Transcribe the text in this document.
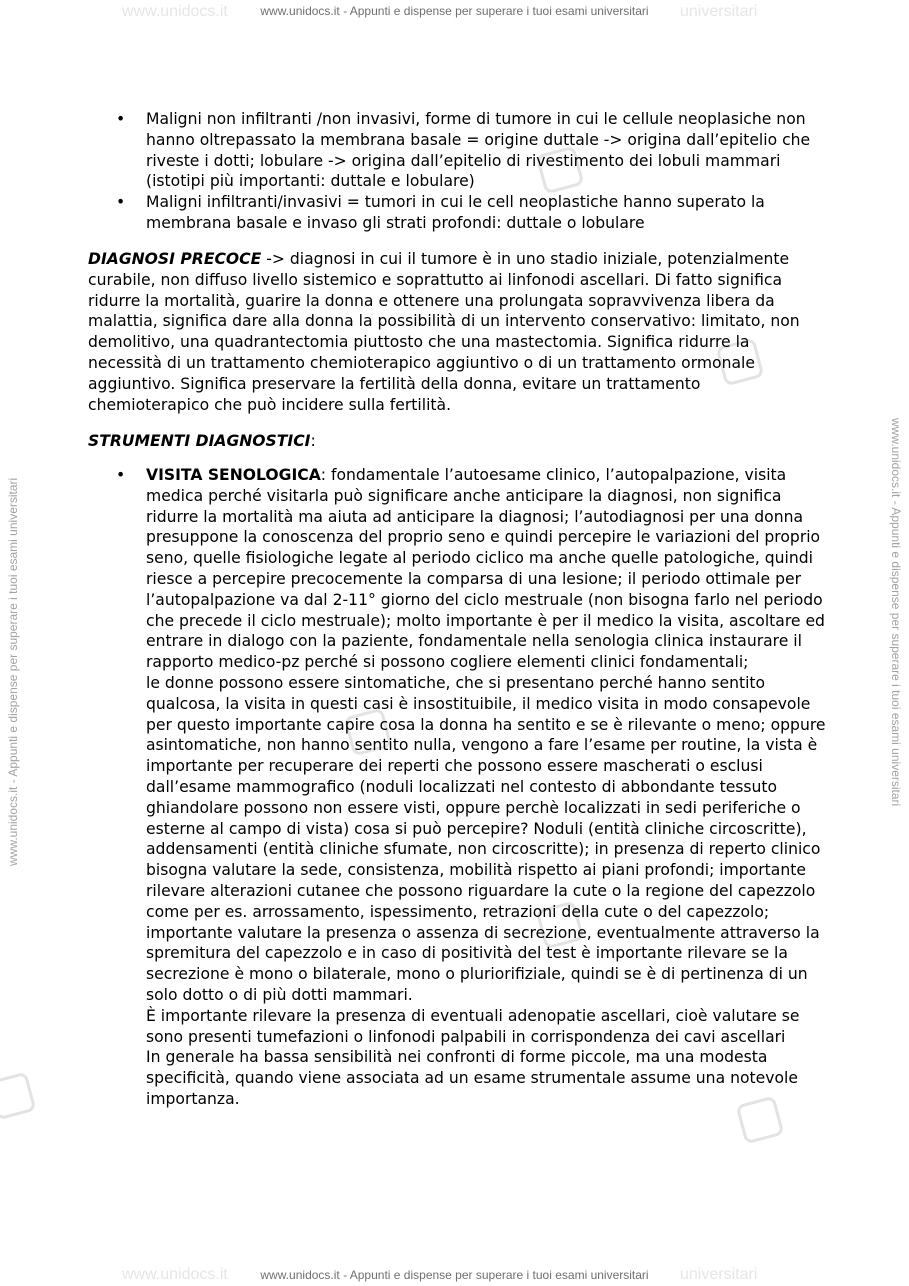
www.unidocs.it	universitari
www.unidocs.it - Appunti e dispense per superare i tuoi esami universitari
www.unidocs.it	universitari
www.unidocs.it - Appunti e dispense per superare i tuoi esami universitari
www.unidocs.it - Appunti e dispense per superare i tuoi esami universitari	www.unidocs.it - Appunti e dispense per superare i tuoi esami universitari
• Maligni non infiltranti /non invasivi, forme di tumore in cui le cellule neoplasiche non hanno oltrepassato la membrana basale = origine duttale -> origina dall’epitelio che riveste i dotti; lobulare -> origina dall’epitelio di rivestimento dei lobuli mammari (istotipi più importanti: duttale e lobulare)
• Maligni infiltranti/invasivi = tumori in cui le cell neoplastiche hanno superato la membrana basale e invaso gli strati profondi: duttale o lobulare

DIAGNOSI PRECOCE -> diagnosi in cui il tumore è in uno stadio iniziale, potenzialmente curabile, non diffuso livello sistemico e soprattutto ai linfonodi ascellari. Di fatto significa ridurre la mortalità, guarire la donna e ottenere una prolungata sopravvivenza libera da malattia, significa dare alla donna la possibilità di un intervento conservativo: limitato, non demolitivo, una quadrantectomia piuttosto che una mastectomia. Significa ridurre la necessità di un trattamento chemioterapico aggiuntivo o di un trattamento ormonale aggiuntivo. Significa preservare la fertilità della donna, evitare un trattamento chemioterapico che può incidere sulla fertilità.

STRUMENTI DIAGNOSTICI:

• VISITA SENOLOGICA: fondamentale l’autoesame clinico, l’autopalpazione, visita medica perché visitarla può significare anche anticipare la diagnosi, non significa ridurre la mortalità ma aiuta ad anticipare la diagnosi; l’autodiagnosi per una donna presuppone la conoscenza del proprio seno e quindi percepire le variazioni del proprio seno, quelle fisiologiche legate al periodo ciclico ma anche quelle patologiche, quindi riesce a percepire precocemente la comparsa di una lesione; il periodo ottimale per l’autopalpazione va dal 2-11° giorno del ciclo mestruale (non bisogna farlo nel periodo che precede il ciclo mestruale); molto importante è per il medico la visita, ascoltare ed entrare in dialogo con la paziente, fondamentale nella senologia clinica instaurare il rapporto medico-pz perché si possono cogliere elementi clinici fondamentali;

le donne possono essere sintomatiche, che si presentano perché hanno sentito qualcosa, la visita in questi casi è insostituibile, il medico visita in modo consapevole per questo importante capire cosa la donna ha sentito e se è rilevante o meno; oppure asintomatiche, non hanno sentito nulla, vengono a fare l’esame per routine, la vista è importante per recuperare dei reperti che possono essere mascherati o esclusi dall’esame mammografico (noduli localizzati nel contesto di abbondante tessuto ghiandolare possono non essere visti, oppure perchè localizzati in sedi periferiche o esterne al campo di vista) cosa si può percepire? Noduli (entità cliniche circoscritte), addensamenti (entità cliniche sfumate, non circoscritte); in presenza di reperto clinico bisogna valutare la sede, consistenza, mobilità rispetto ai piani profondi; importante rilevare alterazioni cutanee che possono riguardare la cute o la regione del capezzolo come per es. arrossamento, ispessimento, retrazioni della cute o del capezzolo; importante valutare la presenza o assenza di secrezione, eventualmente attraverso la spremitura del capezzolo e in caso di positività del test è importante rilevare se la secrezione è mono o bilaterale, mono o pluriorifiziale, quindi se è di pertinenza di un solo dotto o di più dotti mammari.

È importante rilevare la presenza di eventuali adenopatie ascellari, cioè valutare se sono presenti tumefazioni o linfonodi palpabili in corrispondenza dei cavi ascellari

In generale ha bassa sensibilità nei confronti di forme piccole, ma una modesta specificità, quando viene associata ad un esame strumentale assume una notevole importanza.
